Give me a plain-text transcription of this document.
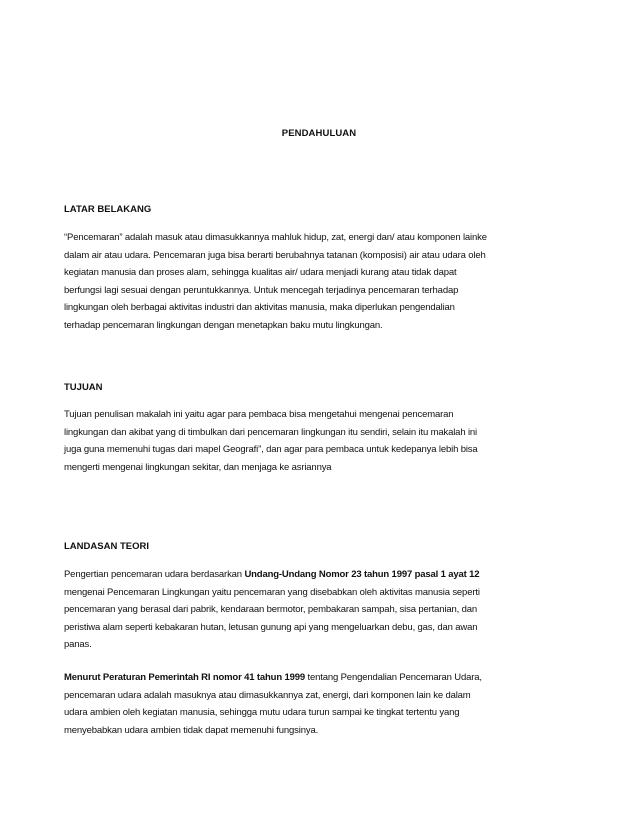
PENDAHULUAN
LATAR BELAKANG
“Pencemaran” adalah masuk atau dimasukkannya mahluk hidup, zat, energi dan/ atau komponen lainke
dalam air atau udara. Pencemaran juga bisa berarti berubahnya tatanan (komposisi) air atau udara oleh
kegiatan manusia dan proses alam, sehingga kualitas air/ udara menjadi kurang atau tidak dapat
berfungsi lagi sesuai dengan peruntukkannya. Untuk mencegah terjadinya pencemaran terhadap
lingkungan oleh berbagai aktivitas industri dan aktivitas manusia, maka diperlukan pengendalian
terhadap pencemaran lingkungan dengan menetapkan baku mutu lingkungan.
TUJUAN
Tujuan penulisan makalah ini yaitu agar para pembaca bisa mengetahui mengenai pencemaran
lingkungan dan akibat yang di timbulkan dari pencemaran lingkungan itu sendiri, selain itu makalah ini
juga guna memenuhi tugas dari mapel Geografi”, dan agar para pembaca untuk kedepanya lebih bisa
mengerti mengenai lingkungan sekitar, dan menjaga ke asriannya
LANDASAN TEORI
Pengertian pencemaran udara berdasarkan Undang-Undang Nomor 23 tahun 1997 pasal 1 ayat 12
mengenai Pencemaran Lingkungan yaitu pencemaran yang disebabkan oleh aktivitas manusia seperti
pencemaran yang berasal dari pabrik, kendaraan bermotor, pembakaran sampah, sisa pertanian, dan
peristiwa alam seperti kebakaran hutan, letusan gunung api yang mengeluarkan debu, gas, dan awan
panas.
Menurut Peraturan Pemerintah RI nomor 41 tahun 1999 tentang Pengendalian Pencemaran Udara,
pencemaran udara adalah masuknya atau dimasukkannya zat, energi, dari komponen lain ke dalam
udara ambien oleh kegiatan manusia, sehingga mutu udara turun sampai ke tingkat tertentu yang
menyebabkan udara ambien tidak dapat memenuhi fungsinya.
